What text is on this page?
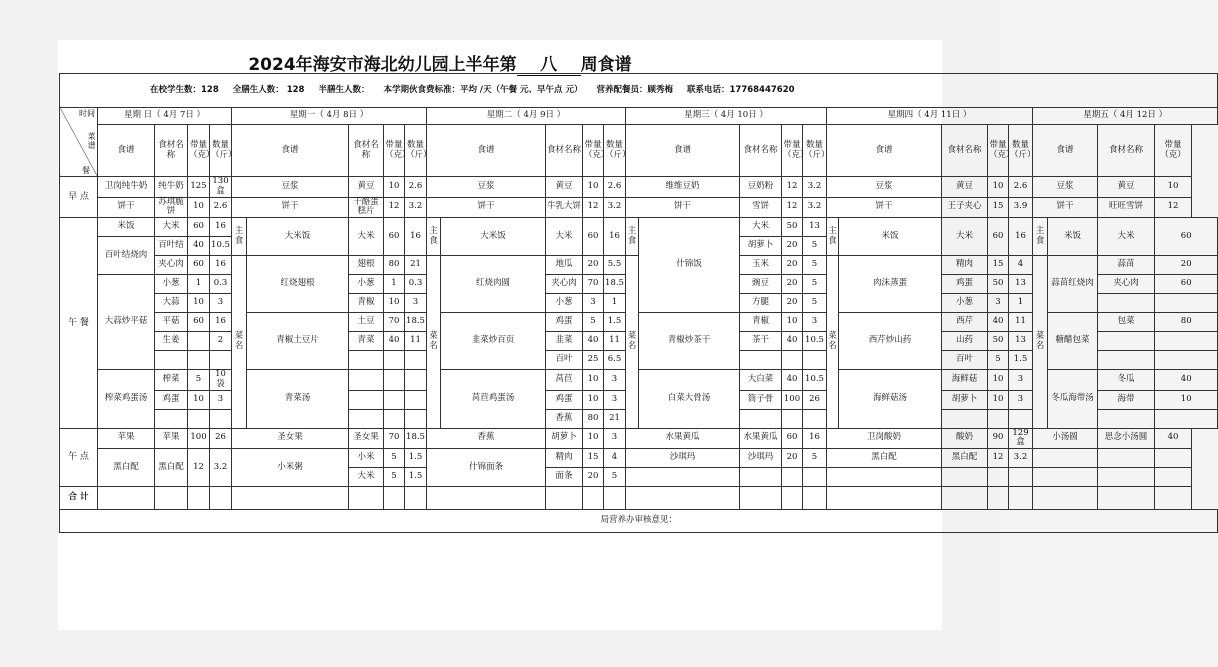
2024年海安市海北幼儿园上半年第 八 周食谱
在校学生数：128 全膳生人数： 128 半膳生人数： 本学期伙食费标准：平均 /天（午餐 元、早午点 元） 营养配餐员：顾秀梅 联系电话：17768447620																												

时间
菜谱
餐	星期 日（ 4月 7日 ）				星期一（ 4月 8日 ）					星期二（ 4月 9日 ）					星期三（ 4月 10日 ）					星期四（ 4月 11日 ）					星期五（ 4月 12日 ）			
	食谱	食材名称	带量（克）	数量（斤）	食谱		食材名称	带量（克）	数量（斤）	食谱		食材名称	带量（克）	数量（斤）	食谱		食材名称	带量（克）	数量（斤）	食谱		食材名称	带量（克）	数量（斤）	食谱		食材名称	带量（克）
早 点	卫岗纯牛奶	纯牛奶	125	130盒	豆浆		黄豆	10	2.6	豆浆		黄豆	10	2.6	维维豆奶		豆奶粉	12	3.2	豆浆		黄豆	10	2.6	豆浆		黄豆	10
	饼干	苏琪脆饼	10	2.6	饼干		千酪蛋糕片	12	3.2	饼干		牛乳大饼	12	3.2	饼干		雪饼	12	3.2	饼干		王子夹心	15	3.9	饼干		旺旺雪饼	12
午 餐	米饭	大米	60	16	主 食	大米饭	大米	60	16	主 食	大米饭	大米	60	16	主 食	什锦饭	大米	50	13	主 食	米饭	大米	60	16	主 食	米饭	大米	60
	百叶结烧肉	百叶结	40	10.5													胡萝卜	20	5									
		夹心肉	60	16	菜 名	红烧翅根	翅根	80	21	菜 名	红烧肉圆	地瓜	20	5.5	菜 名		玉米	20	5	菜 名	肉沫蒸蛋	精肉	15	4	菜 名	蒜苗红烧肉	蒜苗	20
	大蒜炒平菇	小葱	1	0.3			小葱	1	0.3			夹心肉	70	18.5			豌豆	20	5			鸡蛋	50	13			夹心肉	60
		大蒜	10	3			青椒	10	3			小葱	3	1			方腿	20	5			小葱	3	1				
		平菇	60	16		青椒土豆片	土豆	70	18.5		韭菜炒百页	鸡蛋	5	1.5		青椒炒茶干	青椒	10	3		西芹炒山药	西芹	40	11		糖醋包菜	包菜	80
		生姜		2			青菜	40	11			韭菜	40	11			茶干	40	10.5			山药	50	13				
												百叶	25	6.5								百叶	5	1.5				
	榨菜鸡蛋汤	榨菜	5	10袋		青菜汤					莴苣鸡蛋汤	莴苣	10	3		白菜大骨汤	大白菜	40	10.5		海鲜菇汤	海鲜菇	10	3		冬瓜海带汤	冬瓜	40
		鸡蛋	10	3								鸡蛋	10	3			筒子骨	100	26			胡萝卜	10	3			海带	10
												香蕉	80	21														
午 点	苹果	苹果	100	26	圣女果		圣女果	70	18.5	香蕉		胡萝卜	10	3	水果黄瓜		水果黄瓜	60	16	卫岗酸奶		酸奶	90	129盒	小汤圆		思念小汤圆	40
	黑白配	黑白配	12	3.2	小米粥		小米	5	1.5	什锦面条		精肉	15	4	沙琪玛		沙琪玛	20	5	黑白配		黑白配	12	3.2				
							大米	5	1.5			面条	20	5														
合 计																												
局营养办审核意见：																												
